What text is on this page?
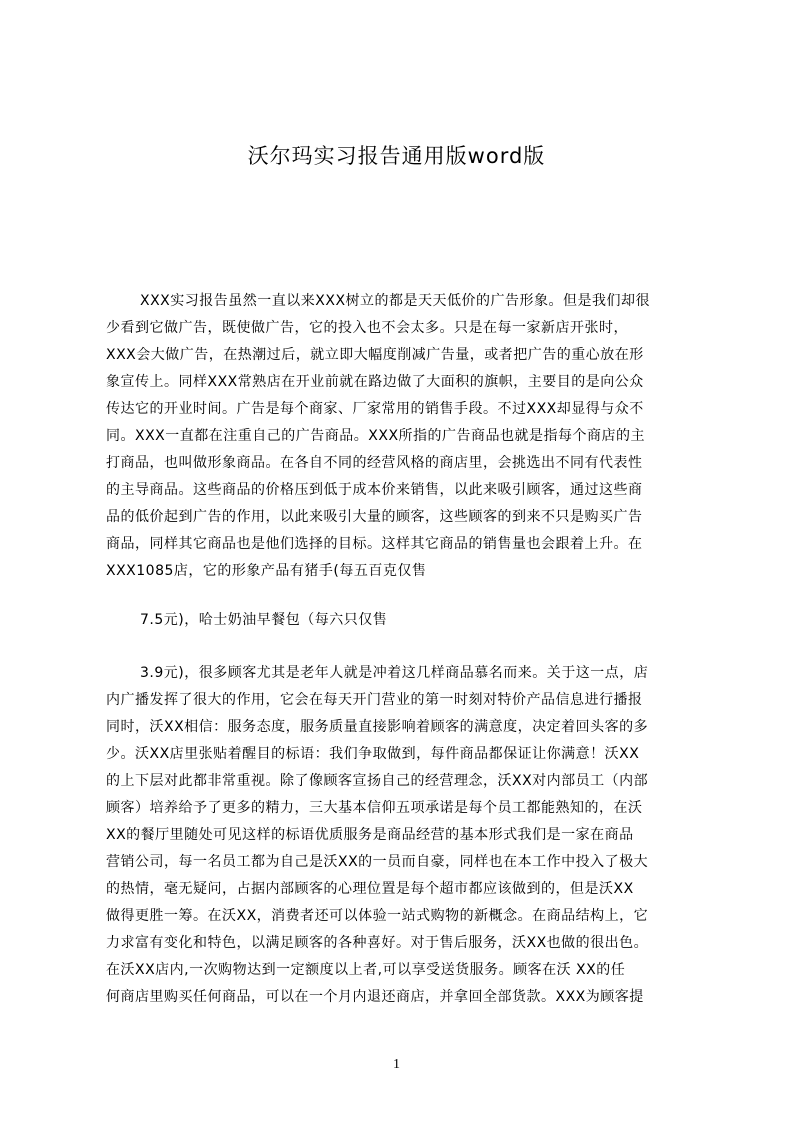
沃尔玛实习报告通用版word版
XXX实习报告虽然一直以来XXX树立的都是天天低价的广告形象。但是我们却很
少看到它做广告，既使做广告，它的投入也不会太多。只是在每一家新店开张时，
XXX会大做广告，在热潮过后，就立即大幅度削减广告量，或者把广告的重心放在形
象宣传上。同样XXX常熟店在开业前就在路边做了大面积的旗帜，主要目的是向公众
传达它的开业时间。广告是每个商家、厂家常用的销售手段。不过XXX却显得与众不
同。XXX一直都在注重自己的广告商品。XXX所指的广告商品也就是指每个商店的主
打商品，也叫做形象商品。在各自不同的经营风格的商店里，会挑选出不同有代表性
的主导商品。这些商品的价格压到低于成本价来销售，以此来吸引顾客，通过这些商
品的低价起到广告的作用，以此来吸引大量的顾客，这些顾客的到来不只是购买广告
商品，同样其它商品也是他们选择的目标。这样其它商品的销售量也会跟着上升。在
XXX1085店，它的形象产品有猪手(每五百克仅售
7.5元)，哈士奶油早餐包（每六只仅售
3.9元)，很多顾客尤其是老年人就是冲着这几样商品慕名而来。关于这一点，店
内广播发挥了很大的作用，它会在每天开门营业的第一时刻对特价产品信息进行播报
同时，沃XX相信：服务态度，服务质量直接影响着顾客的满意度，决定着回头客的多
少。沃XX店里张贴着醒目的标语：我们争取做到，每件商品都保证让你满意！沃XX
的上下层对此都非常重视。除了像顾客宣扬自己的经营理念，沃XX对内部员工（内部
顾客）培养给予了更多的精力，三大基本信仰五项承诺是每个员工都能熟知的，在沃
XX的餐厅里随处可见这样的标语优质服务是商品经营的基本形式我们是一家在商品
营销公司，每一名员工都为自己是沃XX的一员而自豪，同样也在本工作中投入了极大
的热情，毫无疑问，占据内部顾客的心理位置是每个超市都应该做到的，但是沃XX
做得更胜一筹。在沃XX，消费者还可以体验一站式购物的新概念。在商品结构上，它
力求富有变化和特色，以满足顾客的各种喜好。对于售后服务，沃XX也做的很出色。
在沃XX店内,一次购物达到一定额度以上者,可以享受送货服务。顾客在沃 XX的任
何商店里购买任何商品，可以在一个月内退还商店，并拿回全部货款。XXX为顾客提
1
